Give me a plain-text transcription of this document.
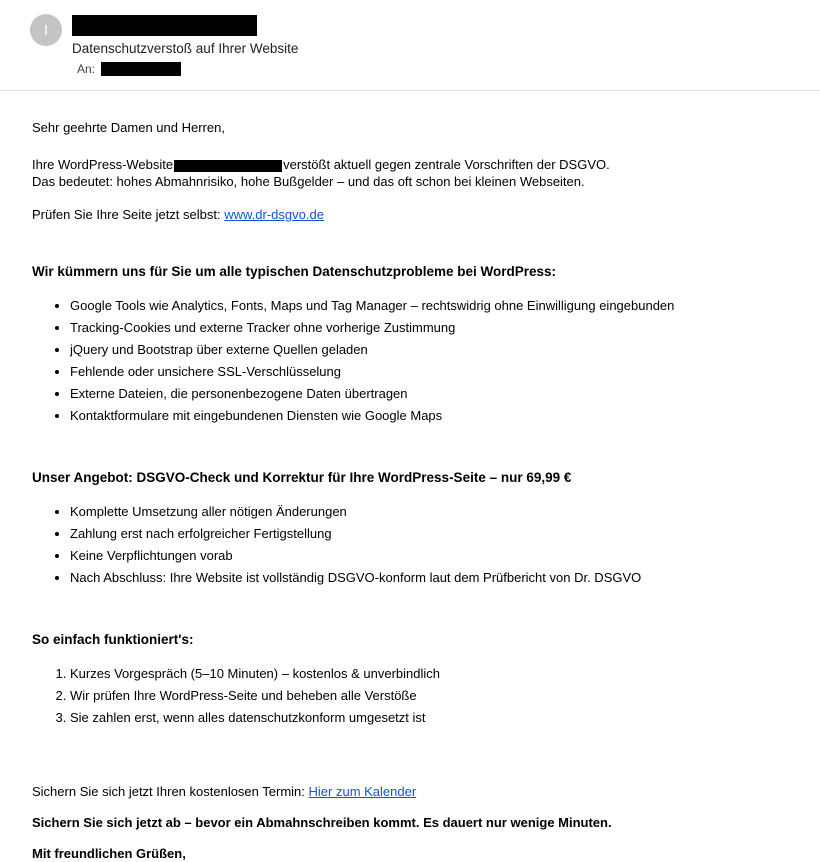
I
Datenschutzverstoß auf Ihrer Website
An:

Sehr geehrte Damen und Herren,

Ihre WordPress-Website	verstößt aktuell gegen zentrale Vorschriften der DSGVO.

Das bedeutet: hohes Abmahnrisiko, hohe Bußgelder – und das oft schon bei kleinen Webseiten.

Prüfen Sie Ihre Seite jetzt selbst: www.dr-dsgvo.de

Wir kümmern uns für Sie um alle typischen Datenschutzprobleme bei WordPress:
• Google Tools wie Analytics, Fonts, Maps und Tag Manager – rechtswidrig ohne Einwilligung eingebunden
• Tracking-Cookies und externe Tracker ohne vorherige Zustimmung
• jQuery und Bootstrap über externe Quellen geladen
• Fehlende oder unsichere SSL-Verschlüsselung
• Externe Dateien, die personenbezogene Daten übertragen
• Kontaktformulare mit eingebundenen Diensten wie Google Maps
Unser Angebot: DSGVO-Check und Korrektur für Ihre WordPress-Seite – nur 69,99 €
• Komplette Umsetzung aller nötigen Änderungen
• Zahlung erst nach erfolgreicher Fertigstellung
• Keine Verpflichtungen vorab
• Nach Abschluss: Ihre Website ist vollständig DSGVO-konform laut dem Prüfbericht von Dr. DSGVO
So einfach funktioniert's:
1. Kurzes Vorgespräch (5–10 Minuten) – kostenlos & unverbindlich
2. Wir prüfen Ihre WordPress-Seite und beheben alle Verstöße
3. Sie zahlen erst, wenn alles datenschutzkonform umgesetzt ist

Sichern Sie sich jetzt Ihren kostenlosen Termin: Hier zum Kalender

Sichern Sie sich jetzt ab – bevor ein Abmahnschreiben kommt. Es dauert nur wenige Minuten.

Mit freundlichen Grüßen,
